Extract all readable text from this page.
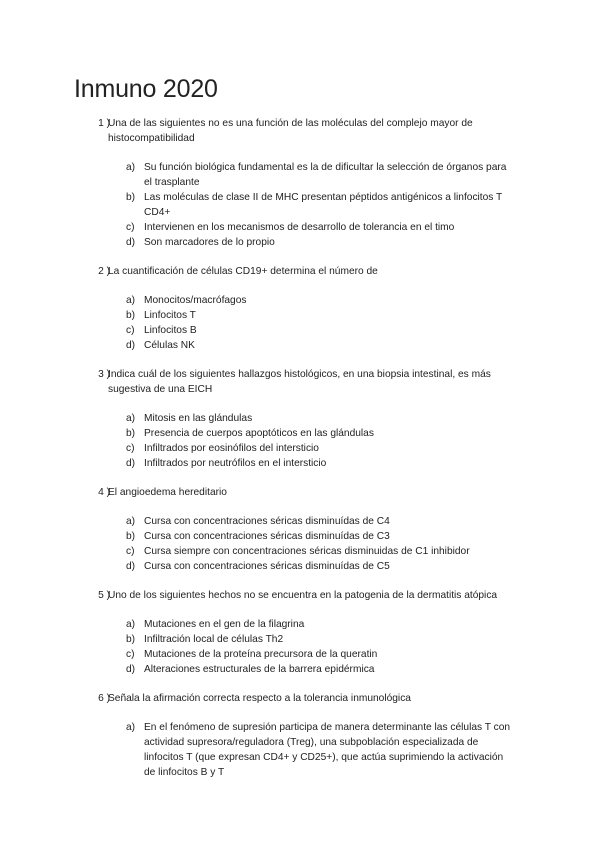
Inmuno 2020
1 )
Una de las siguientes no es una función de las moléculas del complejo mayor de histocompatibilidad
a) Su función biológica fundamental es la de dificultar la selección de órganos para el trasplante
b) Las moléculas de clase II de MHC presentan péptidos antigénicos a linfocitos T CD4+
c) Intervienen en los mecanismos de desarrollo de tolerancia en el timo
d) Son marcadores de lo propio
2 )
La cuantificación de células CD19+ determina el número de
a) Monocitos/macrófagos
b) Linfocitos T
c) Linfocitos B
d) Células NK
3 )
Indica cuál de los siguientes hallazgos histológicos, en una biopsia intestinal, es más sugestiva de una EICH
a) Mitosis en las glándulas
b) Presencia de cuerpos apoptóticos en las glándulas
c) Infiltrados por eosinófilos del intersticio
d) Infiltrados por neutrófilos en el intersticio
4 )
El angioedema hereditario
a) Cursa con concentraciones séricas disminuídas de C4
b) Cursa con concentraciones séricas disminuídas de C3
c) Cursa siempre con concentraciones séricas disminuidas de C1 inhibidor
d) Cursa con concentraciones séricas disminuídas de C5
5 )
Uno de los siguientes hechos no se encuentra en la patogenia de la dermatitis atópica
a) Mutaciones en el gen de la filagrina
b) Infiltración local de células Th2
c) Mutaciones de la proteína precursora de la queratin
d) Alteraciones estructurales de la barrera epidérmica
6 )
Señala la afirmación correcta respecto a la tolerancia inmunológica
a) En el fenómeno de supresión participa de manera determinante las células T con actividad supresora/reguladora (Treg), una subpoblación especializada de linfocitos T (que expresan CD4+ y CD25+), que actúa suprimiendo la activación de linfocitos B y T
